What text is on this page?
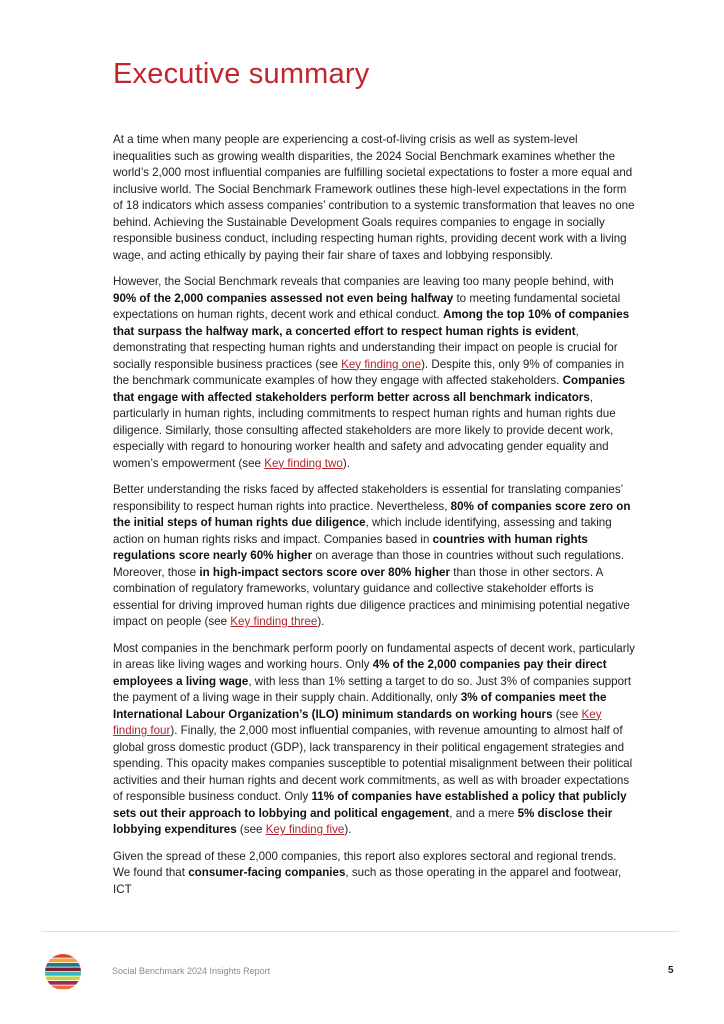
Executive summary

At a time when many people are experiencing a cost-of-living crisis as well as system-level inequalities such as growing wealth disparities, the 2024 Social Benchmark examines whether the world’s 2,000 most influential companies are fulfilling societal expectations to foster a more equal and inclusive world. The Social Benchmark Framework outlines these high-level expectations in the form of 18 indicators which assess companies’ contribution to a systemic transformation that leaves no one behind. Achieving the Sustainable Development Goals requires companies to engage in socially responsible business conduct, including respecting human rights, providing decent work with a living wage, and acting ethically by paying their fair share of taxes and lobbying responsibly.

However, the Social Benchmark reveals that companies are leaving too many people behind, with 90% of the 2,000 companies assessed not even being halfway to meeting fundamental societal expectations on human rights, decent work and ethical conduct. Among the top 10% of companies that surpass the halfway mark, a concerted effort to respect human rights is evident, demonstrating that respecting human rights and understanding their impact on people is crucial for socially responsible business practices (see Key finding one). Despite this, only 9% of companies in the benchmark communicate examples of how they engage with affected stakeholders. Companies that engage with affected stakeholders perform better across all benchmark indicators, particularly in human rights, including commitments to respect human rights and human rights due diligence. Similarly, those consulting affected stakeholders are more likely to provide decent work, especially with regard to honouring worker health and safety and advocating gender equality and women’s empowerment (see Key finding two).

Better understanding the risks faced by affected stakeholders is essential for translating companies’ responsibility to respect human rights into practice. Nevertheless, 80% of companies score zero on the initial steps of human rights due diligence, which include identifying, assessing and taking action on human rights risks and impact. Companies based in countries with human rights regulations score nearly 60% higher on average than those in countries without such regulations. Moreover, those in high-impact sectors score over 80% higher than those in other sectors. A combination of regulatory frameworks, voluntary guidance and collective stakeholder efforts is essential for driving improved human rights due diligence practices and minimising potential negative impact on people (see Key finding three).

Most companies in the benchmark perform poorly on fundamental aspects of decent work, particularly in areas like living wages and working hours. Only 4% of the 2,000 companies pay their direct employees a living wage, with less than 1% setting a target to do so. Just 3% of companies support the payment of a living wage in their supply chain. Additionally, only 3% of companies meet the International Labour Organization’s (ILO) minimum standards on working hours (see Key finding four). Finally, the 2,000 most influential companies, with revenue amounting to almost half of global gross domestic product (GDP), lack transparency in their political engagement strategies and spending. This opacity makes companies susceptible to potential misalignment between their political activities and their human rights and decent work commitments, as well as with broader expectations of responsible business conduct. Only 11% of companies have established a policy that publicly sets out their approach to lobbying and political engagement, and a mere 5% disclose their lobbying expenditures (see Key finding five).

Given the spread of these 2,000 companies, this report also explores sectoral and regional trends. We found that consumer-facing companies, such as those operating in the apparel and footwear, ICT

Social Benchmark 2024 Insights Report	5
